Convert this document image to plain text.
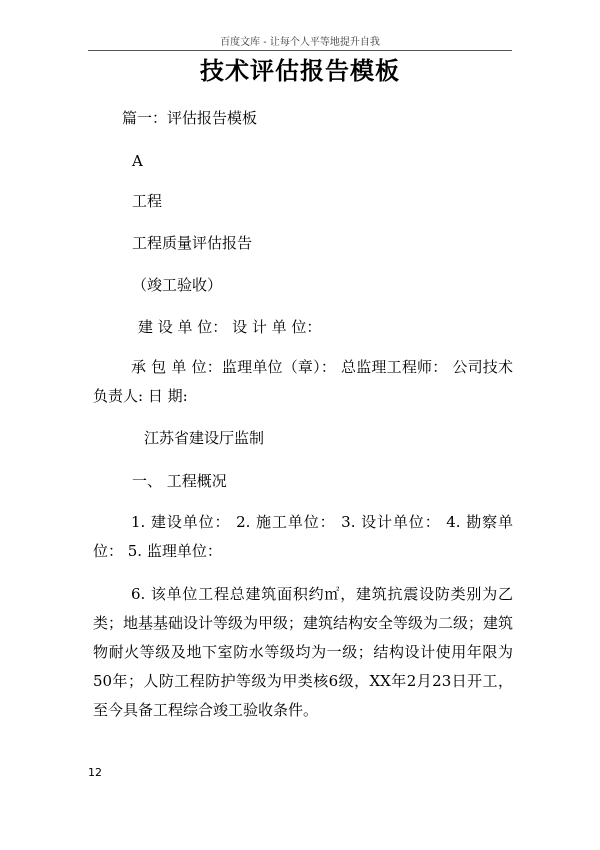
百度文库 - 让每个人平等地提升自我
技术评估报告模板
篇一：评估报告模板
A
工程
工程质量评估报告
（竣工验收）
建 设 单 位： 设 计 单 位：
承 包 单 位：监理单位（章）： 总监理工程师： 公司技术负责人: 日 期:
江苏省建设厅监制
一、 工程概况
1. 建设单位： 2. 施工单位： 3. 设计单位： 4. 勘察单位： 5. 监理单位：
6. 该单位工程总建筑面积约㎡，建筑抗震设防类别为乙类；地基基础设计等级为甲级；建筑结构安全等级为二级；建筑物耐火等级及地下室防水等级均为一级；结构设计使用年限为50年；人防工程防护等级为甲类核6级，XX年2月23日开工，至今具备工程综合竣工验收条件。
12
